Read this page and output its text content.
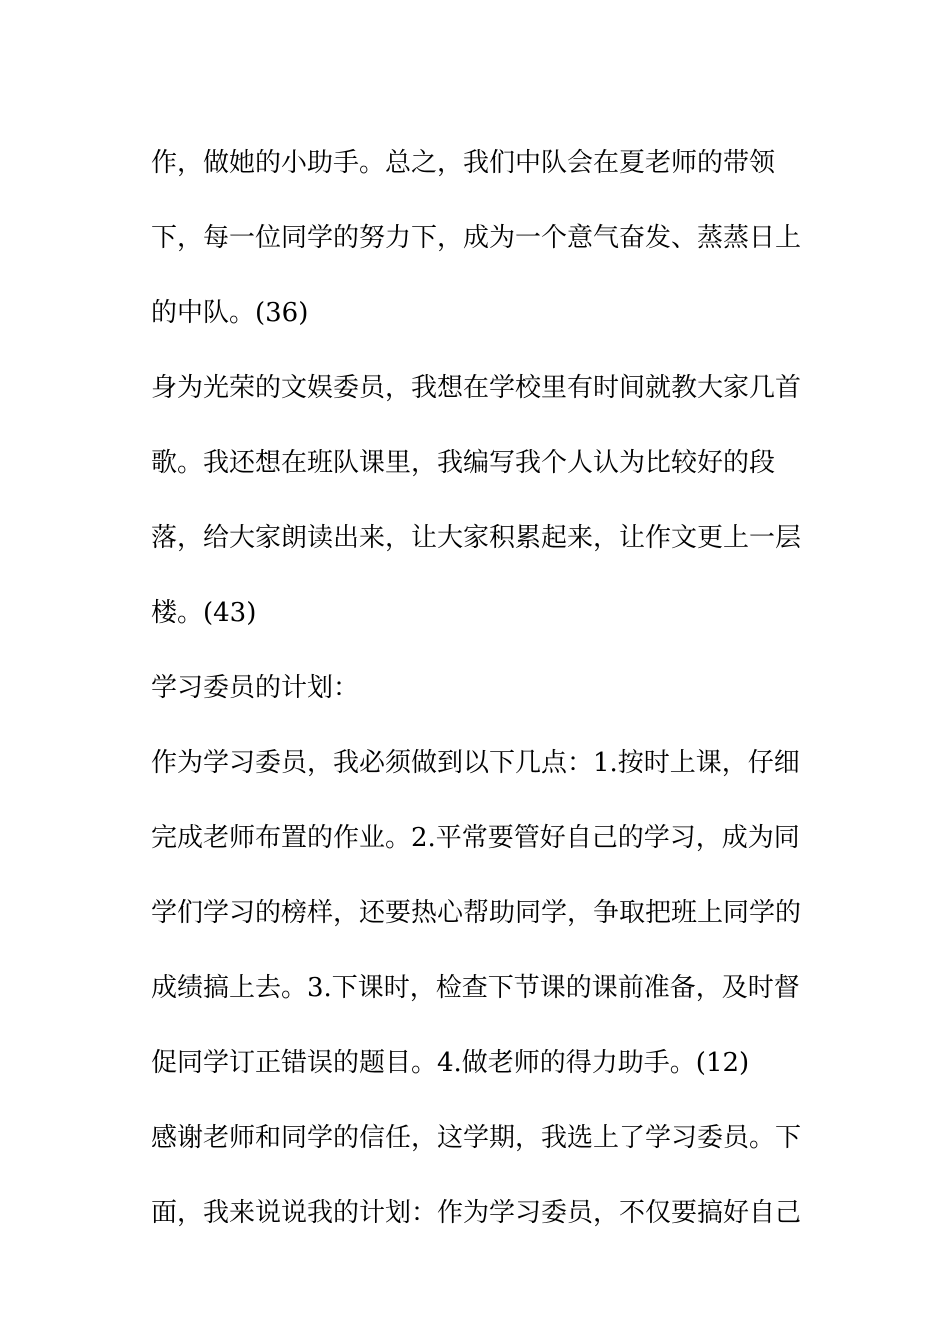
作，做她的小助手。总之，我们中队会在夏老师的带领
下，每一位同学的努力下，成为一个意气奋发、蒸蒸日上
的中队。(36)
身为光荣的文娱委员，我想在学校里有时间就教大家几首
歌。我还想在班队课里，我编写我个人认为比较好的段
落，给大家朗读出来，让大家积累起来，让作文更上一层
楼。(43)
学习委员的计划：
作为学习委员，我必须做到以下几点：1.按时上课，仔细
完成老师布置的作业。2.平常要管好自己的学习，成为同
学们学习的榜样，还要热心帮助同学，争取把班上同学的
成绩搞上去。3.下课时，检查下节课的课前准备，及时督
促同学订正错误的题目。4.做老师的得力助手。(12)
感谢老师和同学的信任，这学期，我选上了学习委员。下
面，我来说说我的计划：作为学习委员，不仅要搞好自己
